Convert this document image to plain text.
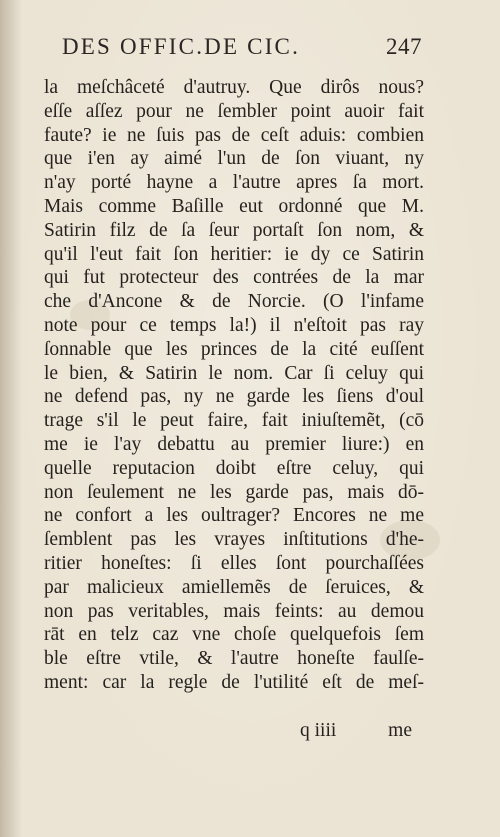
DES OFFIC.DE CIC.	247
la meſchâceté d'autruy. Que dirôs nous?
eſſe aſſez pour ne ſembler point auoir fait
faute? ie ne ſuis pas de ceſt aduis: combien
que i'en ay aimé l'un de ſon viuant, ny
n'ay porté hayne a l'autre apres ſa mort.
Mais comme Baſille eut ordonné que M.
Satirin filz de ſa ſeur portaſt ſon nom, &
qu'il l'eut fait ſon heritier: ie dy ce Satirin
qui fut protecteur des contrées de la mar
che d'Ancone & de Norcie. (O l'infame
note pour ce temps la!) il n'eſtoit pas ray
ſonnable que les princes de la cité euſſent
le bien, & Satirin le nom. Car ſi celuy qui
ne defend pas, ny ne garde les ſiens d'oul
trage s'il le peut faire, fait iniuſtemẽt, (cō
me ie l'ay debattu au premier liure:) en
quelle reputacion doibt eſtre celuy, qui
non ſeulement ne les garde pas, mais dō-
ne confort a les oultrager? Encores ne me
ſemblent pas les vrayes inſtitutions d'he-
ritier honeſtes: ſi elles ſont pourchaſſées
par malicieux amiellemẽs de ſeruices, &
non pas veritables, mais feints: au demou
rāt en telz caz vne choſe quelquefois ſem
ble eſtre vtile, & l'autre honeſte faulſe-
ment: car la regle de l'utilité eſt de meſ-
q iiii	me
